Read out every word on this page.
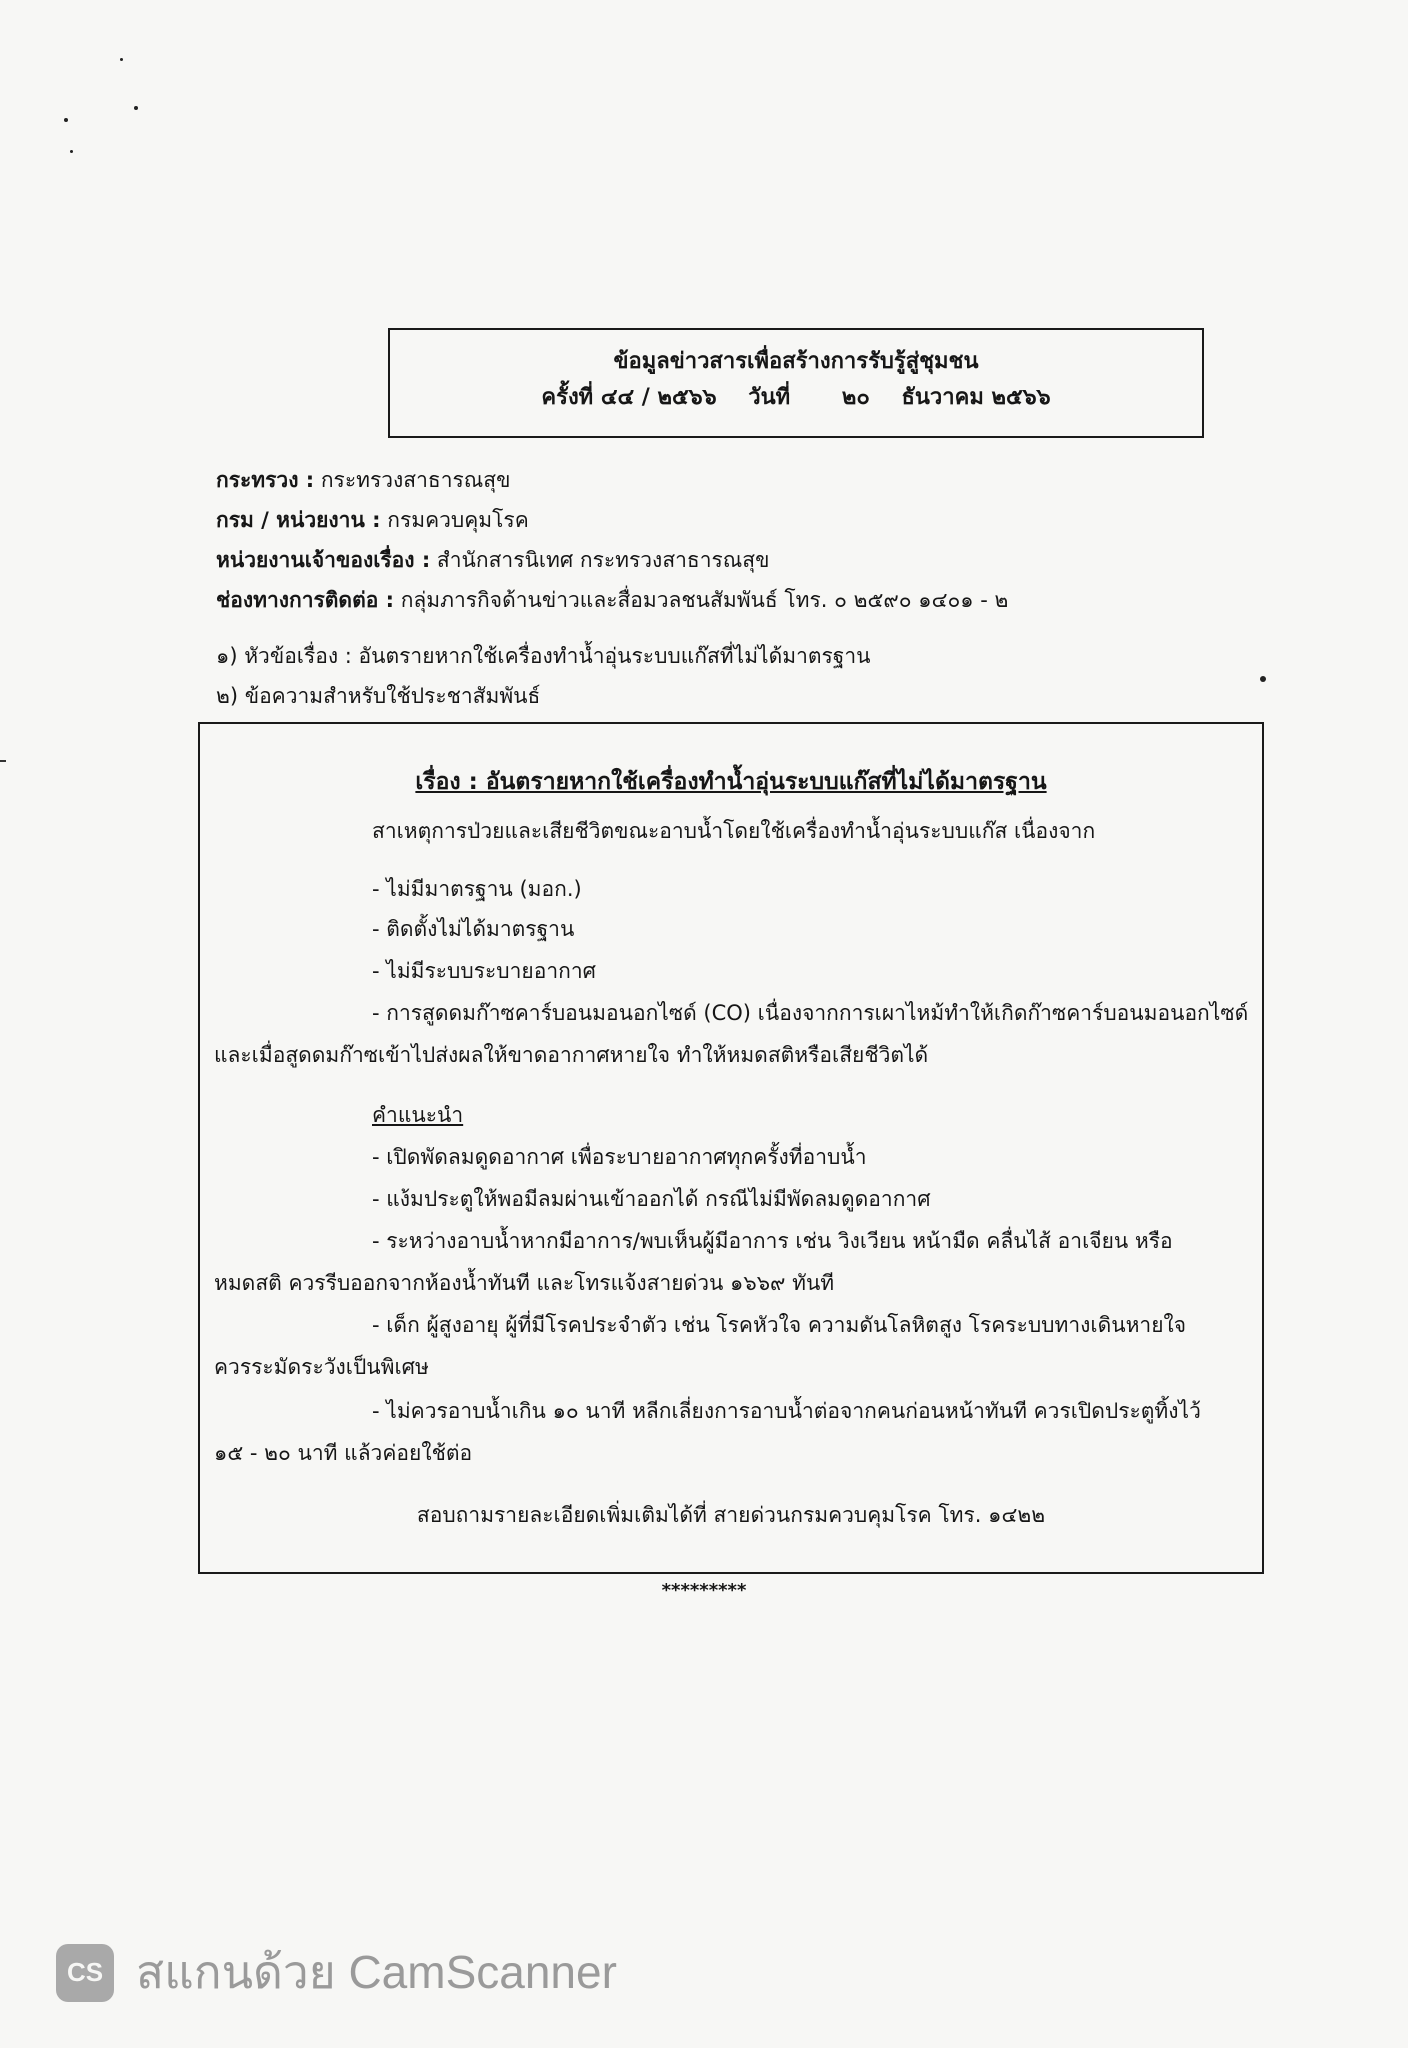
ข้อมูลข่าวสารเพื่อสร้างการรับรู้สู่ชุมชน
ครั้งที่ ๔๔ / ๒๕๖๖ วันที่ ๒๐ ธันวาคม ๒๕๖๖
กระทรวง : กระทรวงสาธารณสุข
กรม / หน่วยงาน : กรมควบคุมโรค
หน่วยงานเจ้าของเรื่อง : สำนักสารนิเทศ กระทรวงสาธารณสุข
ช่องทางการติดต่อ : กลุ่มภารกิจด้านข่าวและสื่อมวลชนสัมพันธ์ โทร. ๐ ๒๕๙๐ ๑๔๐๑ - ๒
๑) หัวข้อเรื่อง : อันตรายหากใช้เครื่องทำน้ำอุ่นระบบแก๊สที่ไม่ได้มาตรฐาน
๒) ข้อความสำหรับใช้ประชาสัมพันธ์
เรื่อง : อันตรายหากใช้เครื่องทำน้ำอุ่นระบบแก๊สที่ไม่ได้มาตรฐาน
สาเหตุการป่วยและเสียชีวิตขณะอาบน้ำโดยใช้เครื่องทำน้ำอุ่นระบบแก๊ส เนื่องจาก
- ไม่มีมาตรฐาน (มอก.)
- ติดตั้งไม่ได้มาตรฐาน
- ไม่มีระบบระบายอากาศ
- การสูดดมก๊าซคาร์บอนมอนอกไซด์ (CO) เนื่องจากการเผาไหม้ทำให้เกิดก๊าซคาร์บอนมอนอกไซด์
และเมื่อสูดดมก๊าซเข้าไปส่งผลให้ขาดอากาศหายใจ ทำให้หมดสติหรือเสียชีวิตได้
คำแนะนำ
- เปิดพัดลมดูดอากาศ เพื่อระบายอากาศทุกครั้งที่อาบน้ำ
- แง้มประตูให้พอมีลมผ่านเข้าออกได้ กรณีไม่มีพัดลมดูดอากาศ
- ระหว่างอาบน้ำหากมีอาการ/พบเห็นผู้มีอาการ เช่น วิงเวียน หน้ามืด คลื่นไส้ อาเจียน หรือ
หมดสติ ควรรีบออกจากห้องน้ำทันที และโทรแจ้งสายด่วน ๑๖๖๙ ทันที
- เด็ก ผู้สูงอายุ ผู้ที่มีโรคประจำตัว เช่น โรคหัวใจ ความดันโลหิตสูง โรคระบบทางเดินหายใจ
ควรระมัดระวังเป็นพิเศษ
- ไม่ควรอาบน้ำเกิน ๑๐ นาที หลีกเลี่ยงการอาบน้ำต่อจากคนก่อนหน้าทันที ควรเปิดประตูทิ้งไว้
๑๕ - ๒๐ นาที แล้วค่อยใช้ต่อ
สอบถามรายละเอียดเพิ่มเติมได้ที่ สายด่วนกรมควบคุมโรค โทร. ๑๔๒๒
*********
CS สแกนด้วย CamScanner
